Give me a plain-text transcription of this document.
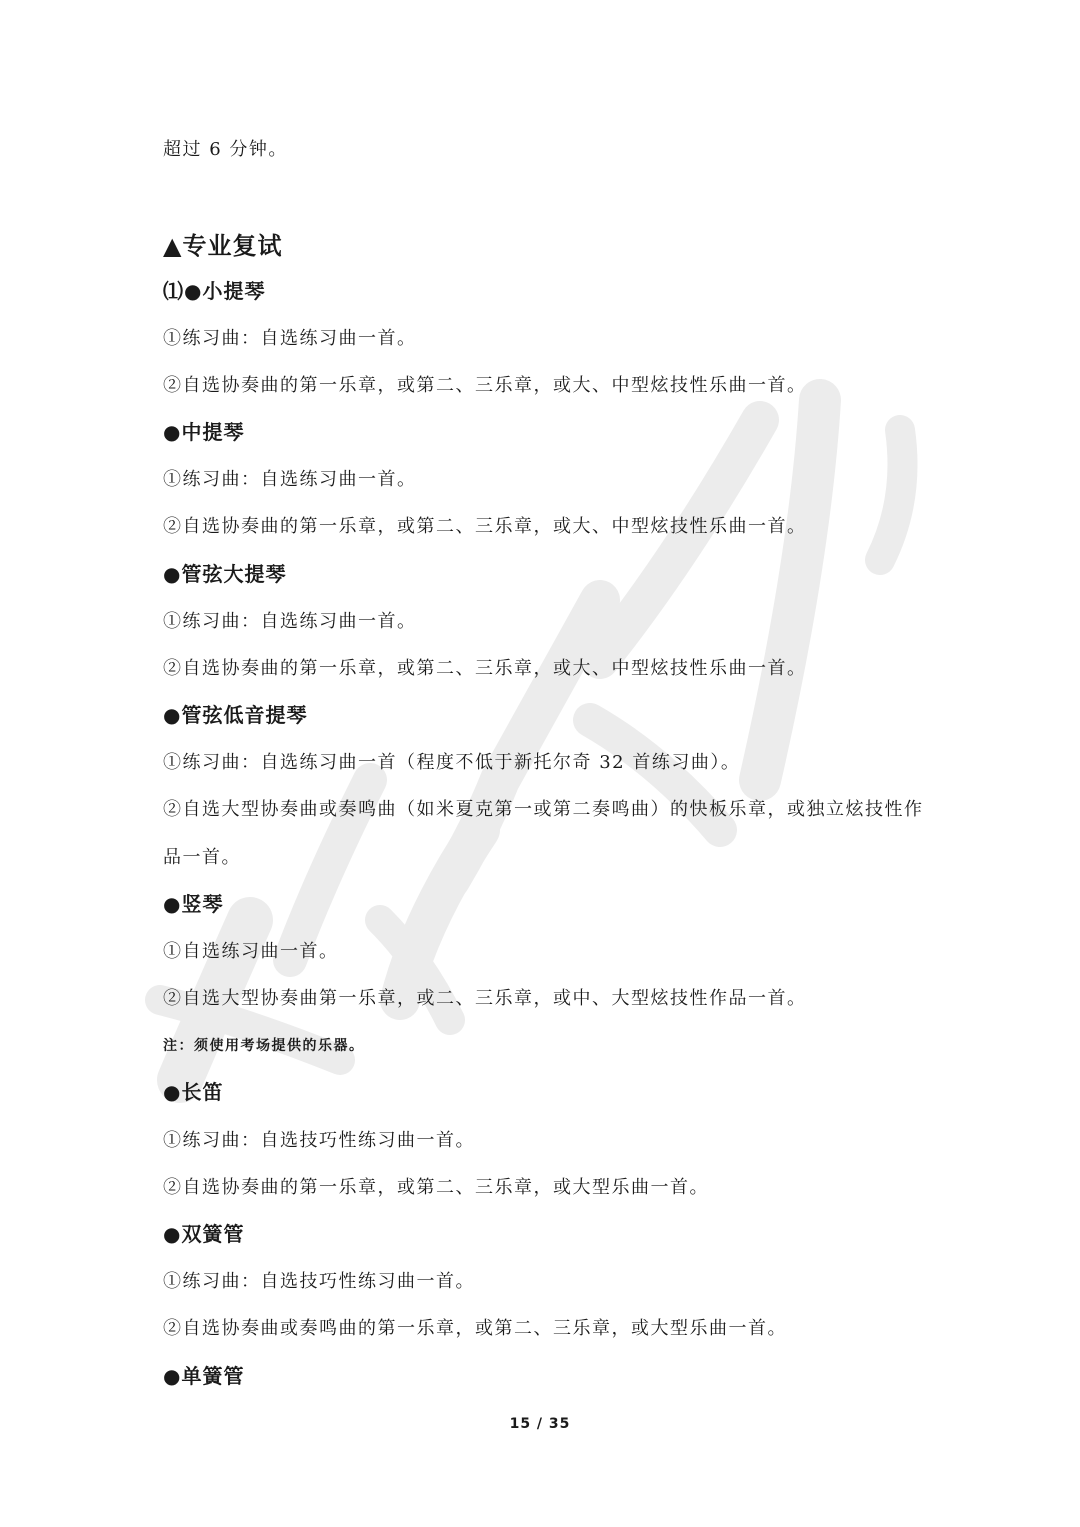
超过 6 分钟。
▲专业复试
⑴●小提琴
①练习曲：自选练习曲一首。
②自选协奏曲的第一乐章，或第二、三乐章，或大、中型炫技性乐曲一首。
●中提琴
①练习曲：自选练习曲一首。
②自选协奏曲的第一乐章，或第二、三乐章，或大、中型炫技性乐曲一首。
●管弦大提琴
①练习曲：自选练习曲一首。
②自选协奏曲的第一乐章，或第二、三乐章，或大、中型炫技性乐曲一首。
●管弦低音提琴
①练习曲：自选练习曲一首（程度不低于新托尔奇 32 首练习曲）。
②自选大型协奏曲或奏鸣曲（如米夏克第一或第二奏鸣曲）的快板乐章，或独立炫技性作
品一首。
●竖琴
①自选练习曲一首。
②自选大型协奏曲第一乐章，或二、三乐章，或中、大型炫技性作品一首。
注：须使用考场提供的乐器。
●长笛
①练习曲：自选技巧性练习曲一首。
②自选协奏曲的第一乐章，或第二、三乐章，或大型乐曲一首。
●双簧管
①练习曲：自选技巧性练习曲一首。
②自选协奏曲或奏鸣曲的第一乐章，或第二、三乐章，或大型乐曲一首。
●单簧管
15 / 35
